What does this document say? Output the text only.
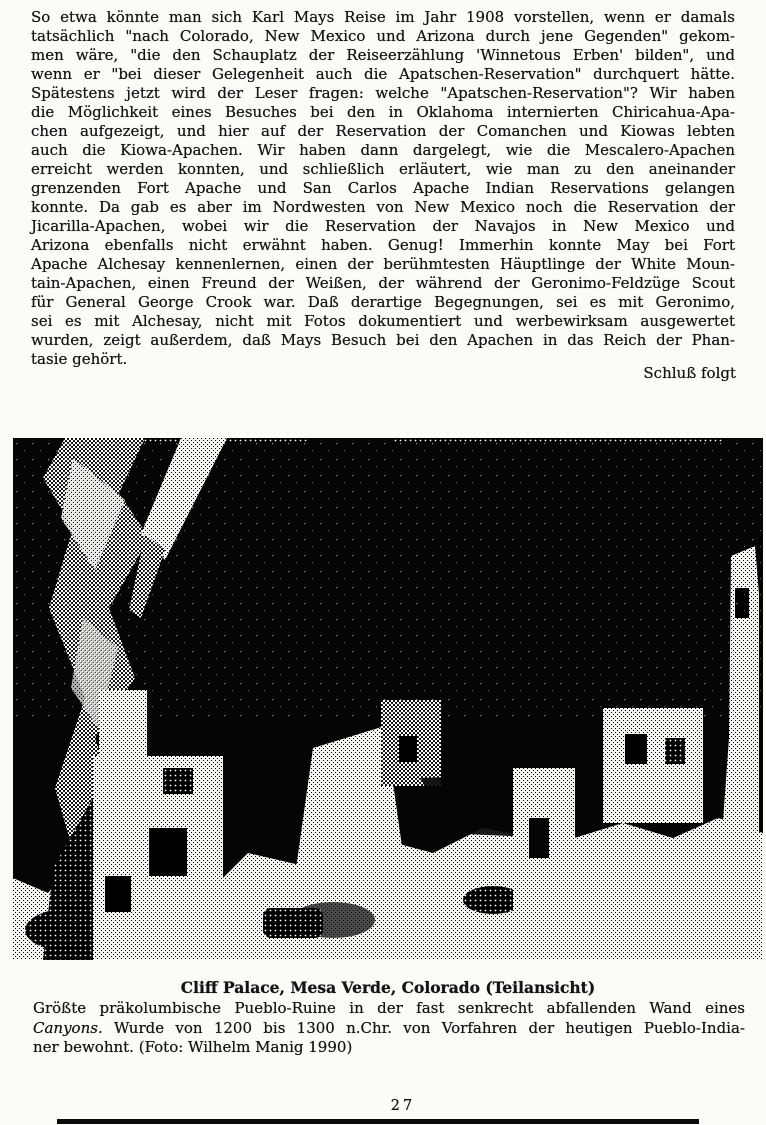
So etwa könnte man sich Karl Mays Reise im Jahr 1908 vorstellen, wenn er damals
tatsächlich "nach Colorado, New Mexico und Arizona durch jene Gegenden" gekom-
men wäre, "die den Schauplatz der Reiseerzählung 'Winnetous Erben' bilden", und
wenn er "bei dieser Gelegenheit auch die Apatschen-Reservation" durchquert hätte.
Spätestens jetzt wird der Leser fragen: welche "Apatschen-Reservation"? Wir haben
die Möglichkeit eines Besuches bei den in Oklahoma internierten Chiricahua-Apa-
chen aufgezeigt, und hier auf der Reservation der Comanchen und Kiowas lebten
auch die Kiowa-Apachen. Wir haben dann dargelegt, wie die Mescalero-Apachen
erreicht werden konnten, und schließlich erläutert, wie man zu den aneinander
grenzenden Fort Apache und San Carlos Apache Indian Reservations gelangen
konnte. Da gab es aber im Nordwesten von New Mexico noch die Reservation der
Jicarilla-Apachen, wobei wir die Reservation der Navajos in New Mexico und
Arizona ebenfalls nicht erwähnt haben. Genug! Immerhin konnte May bei Fort
Apache Alchesay kennenlernen, einen der berühmtesten Häuptlinge der White Moun-
tain-Apachen, einen Freund der Weißen, der während der Geronimo-Feldzüge Scout
für General George Crook war. Daß derartige Begegnungen, sei es mit Geronimo,
sei es mit Alchesay, nicht mit Fotos dokumentiert und werbewirksam ausgewertet
wurden, zeigt außerdem, daß Mays Besuch bei den Apachen in das Reich der Phan-
tasie gehört.
Schluß folgt
Cliff Palace, Mesa Verde, Colorado (Teilansicht)
Größte präkolumbische Pueblo-Ruine in der fast senkrecht abfallenden Wand eines
Canyons. Wurde von 1200 bis 1300 n.Chr. von Vorfahren der heutigen Pueblo-India-
ner bewohnt. (Foto: Wilhelm Manig 1990)
27
